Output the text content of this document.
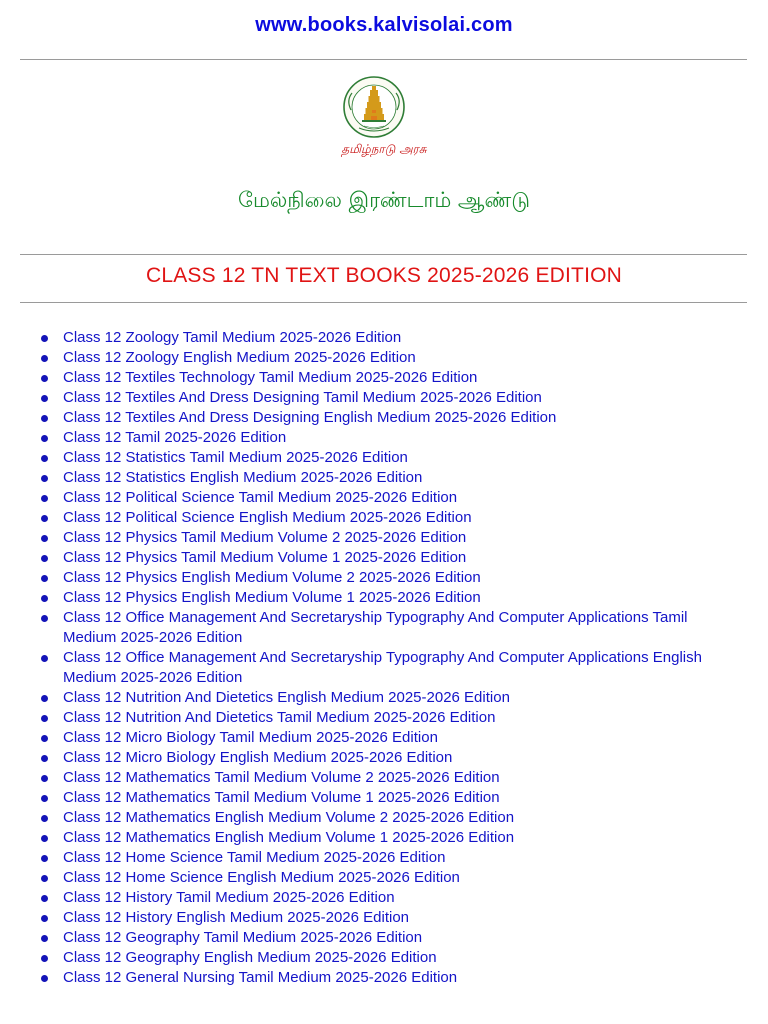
www.books.kalvisolai.com
தமிழ்நாடு அரசு
மேல்நிலை இரண்டாம் ஆண்டு
CLASS 12 TN TEXT BOOKS 2025-2026 EDITION
Class 12 Zoology Tamil Medium 2025-2026 Edition
Class 12 Zoology English Medium 2025-2026 Edition
Class 12 Textiles Technology Tamil Medium 2025-2026 Edition
Class 12 Textiles And Dress Designing Tamil Medium 2025-2026 Edition
Class 12 Textiles And Dress Designing English Medium 2025-2026 Edition
Class 12 Tamil 2025-2026 Edition
Class 12 Statistics Tamil Medium 2025-2026 Edition
Class 12 Statistics English Medium 2025-2026 Edition
Class 12 Political Science Tamil Medium 2025-2026 Edition
Class 12 Political Science English Medium 2025-2026 Edition
Class 12 Physics Tamil Medium Volume 2 2025-2026 Edition
Class 12 Physics Tamil Medium Volume 1 2025-2026 Edition
Class 12 Physics English Medium Volume 2 2025-2026 Edition
Class 12 Physics English Medium Volume 1 2025-2026 Edition
Class 12 Office Management And Secretaryship Typography And Computer Applications Tamil Medium 2025-2026 Edition
Class 12 Office Management And Secretaryship Typography And Computer Applications English Medium 2025-2026 Edition
Class 12 Nutrition And Dietetics English Medium 2025-2026 Edition
Class 12 Nutrition And Dietetics Tamil Medium 2025-2026 Edition
Class 12 Micro Biology Tamil Medium 2025-2026 Edition
Class 12 Micro Biology English Medium 2025-2026 Edition
Class 12 Mathematics Tamil Medium Volume 2 2025-2026 Edition
Class 12 Mathematics Tamil Medium Volume 1 2025-2026 Edition
Class 12 Mathematics English Medium Volume 2 2025-2026 Edition
Class 12 Mathematics English Medium Volume 1 2025-2026 Edition
Class 12 Home Science Tamil Medium 2025-2026 Edition
Class 12 Home Science English Medium 2025-2026 Edition
Class 12 History Tamil Medium 2025-2026 Edition
Class 12 History English Medium 2025-2026 Edition
Class 12 Geography Tamil Medium 2025-2026 Edition
Class 12 Geography English Medium 2025-2026 Edition
Class 12 General Nursing Tamil Medium 2025-2026 Edition
